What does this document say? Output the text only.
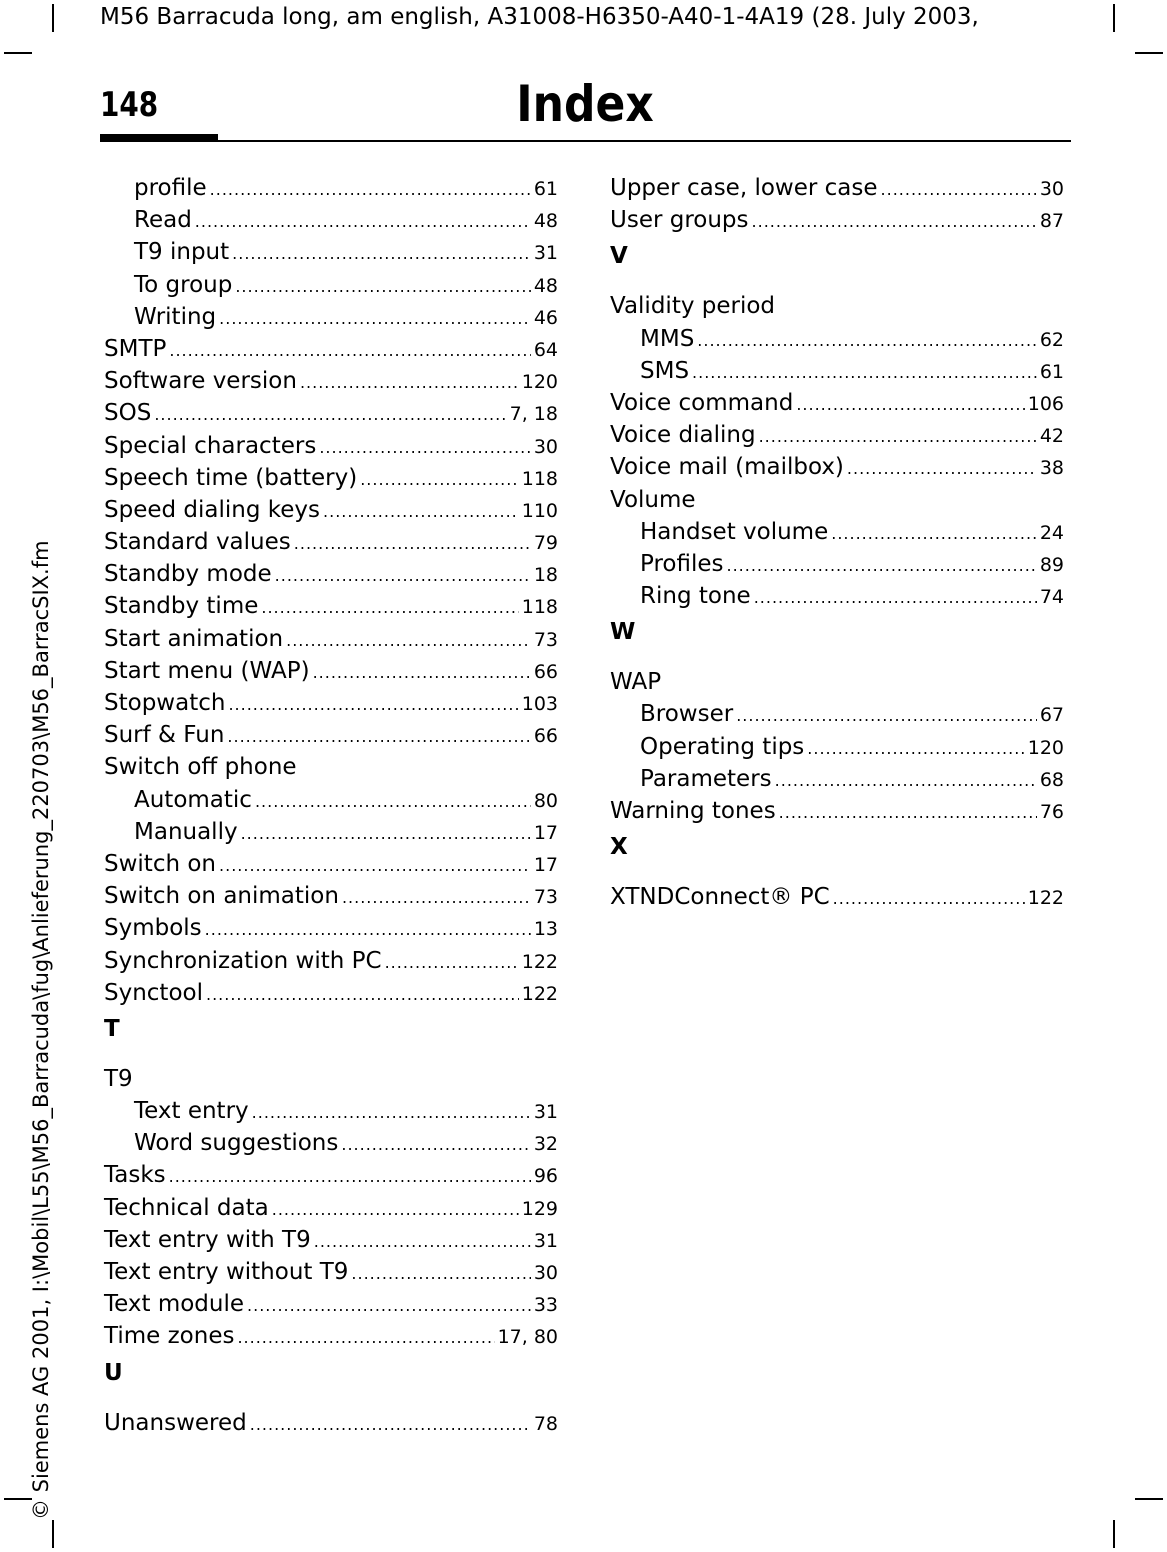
M56 Barracuda long, am english, A31008-H6350-A40-1-4A19 (28. July 2003,
© Siemens AG 2001, I:\Mobil\L55\M56_Barracuda\fug\Anlieferung_220703\M56_BarracSIX.fm
148	Index
profile .....	61
Read .....	48
T9 input .....	31
To group .....	48
Writing .....	46
SMTP .....	64
Software version .....	120
SOS .....	7, 18
Special characters .....	30
Speech time (battery) .....	118
Speed dialing keys .....	110
Standard values .....	79
Standby mode .....	18
Standby time .....	118
Start animation .....	73
Start menu (WAP) .....	66
Stopwatch .....	103
Surf & Fun .....	66
Switch off phone
Automatic .....	80
Manually .....	17
Switch on .....	17
Switch on animation .....	73
Symbols .....	13
Synchronization with PC .....	122
Synctool .....	122
T
T9
Text entry .....	31
Word suggestions .....	32
Tasks .....	96
Technical data .....	129
Text entry with T9 .....	31
Text entry without T9 .....	30
Text module .....	33
Time zones .....	17, 80
U
Unanswered .....	78
Upper case, lower case .....	30
User groups .....	87
V
Validity period
MMS .....	62
SMS .....	61
Voice command .....	106
Voice dialing .....	42
Voice mail (mailbox) .....	38
Volume
Handset volume .....	24
Profiles .....	89
Ring tone .....	74
W
WAP
Browser .....	67
Operating tips .....	120
Parameters .....	68
Warning tones .....	76
X
XTNDConnect® PC .....	122
